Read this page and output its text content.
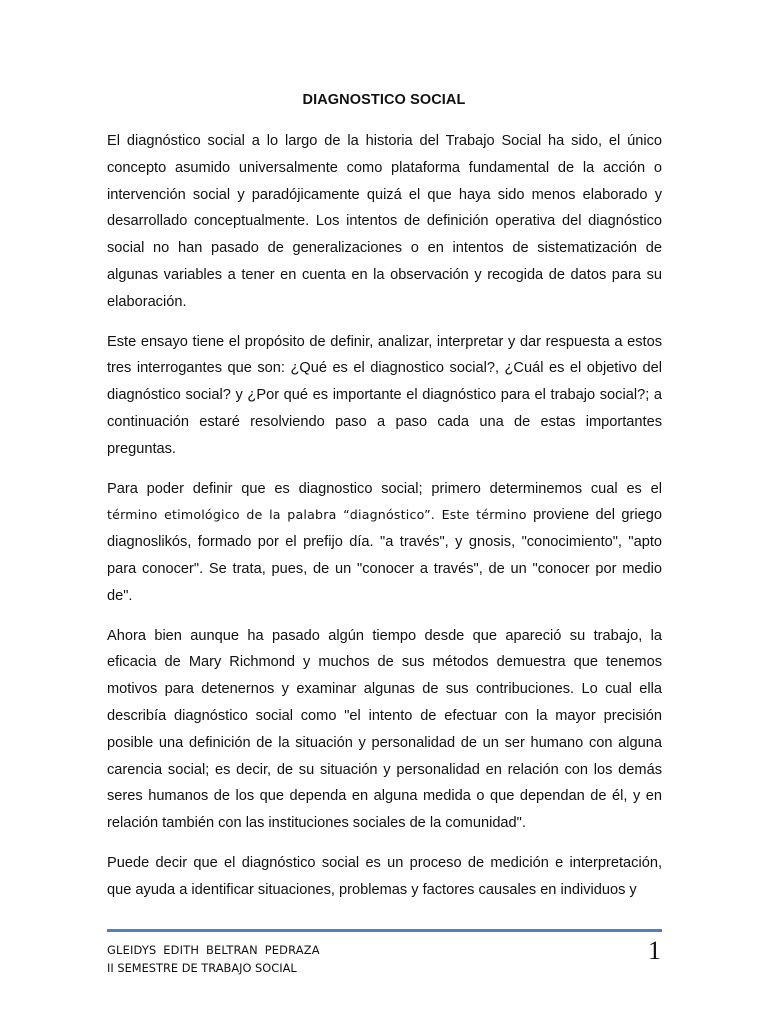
DIAGNOSTICO SOCIAL

El diagnóstico social a lo largo de la historia del Trabajo Social ha sido, el único concepto asumido universalmente como plataforma fundamental de la acción o intervención social y paradójicamente quizá el que haya sido menos elaborado y desarrollado conceptualmente. Los intentos de definición operativa del diagnóstico social no han pasado de generalizaciones o en intentos de sistematización de algunas variables a tener en cuenta en la observación y recogida de datos para su elaboración.

Este ensayo tiene el propósito de definir, analizar, interpretar y dar respuesta a estos tres interrogantes que son: ¿Qué es el diagnostico social?, ¿Cuál es el objetivo del diagnóstico social? y ¿Por qué es importante el diagnóstico para el trabajo social?; a continuación estaré resolviendo paso a paso cada una de estas importantes preguntas.

Para poder definir que es diagnostico social; primero determinemos cual es el término etimológico de la palabra “diagnóstico”. Este término proviene del griego diagnoslikós, formado por el prefijo día. "a través", y gnosis, "conocimiento", "apto para conocer". Se trata, pues, de un "conocer a través", de un "conocer por medio de".

Ahora bien aunque ha pasado algún tiempo desde que apareció su trabajo, la eficacia de Mary Richmond y muchos de sus métodos demuestra que tenemos motivos para detenernos y examinar algunas de sus contribuciones. Lo cual ella describía diagnóstico social como "el intento de efectuar con la mayor precisión posible una definición de la situación y personalidad de un ser humano con alguna carencia social; es decir, de su situación y personalidad en relación con los demás seres humanos de los que dependa en alguna medida o que dependan de él, y en relación también con las instituciones sociales de la comunidad".

Puede decir que el diagnóstico social es un proceso de medición e interpretación, que ayuda a identificar situaciones, problemas y factores causales en individuos y

GLEIDYS EDITH BELTRAN PEDRAZA
II SEMESTRE DE TRABAJO SOCIAL
1
